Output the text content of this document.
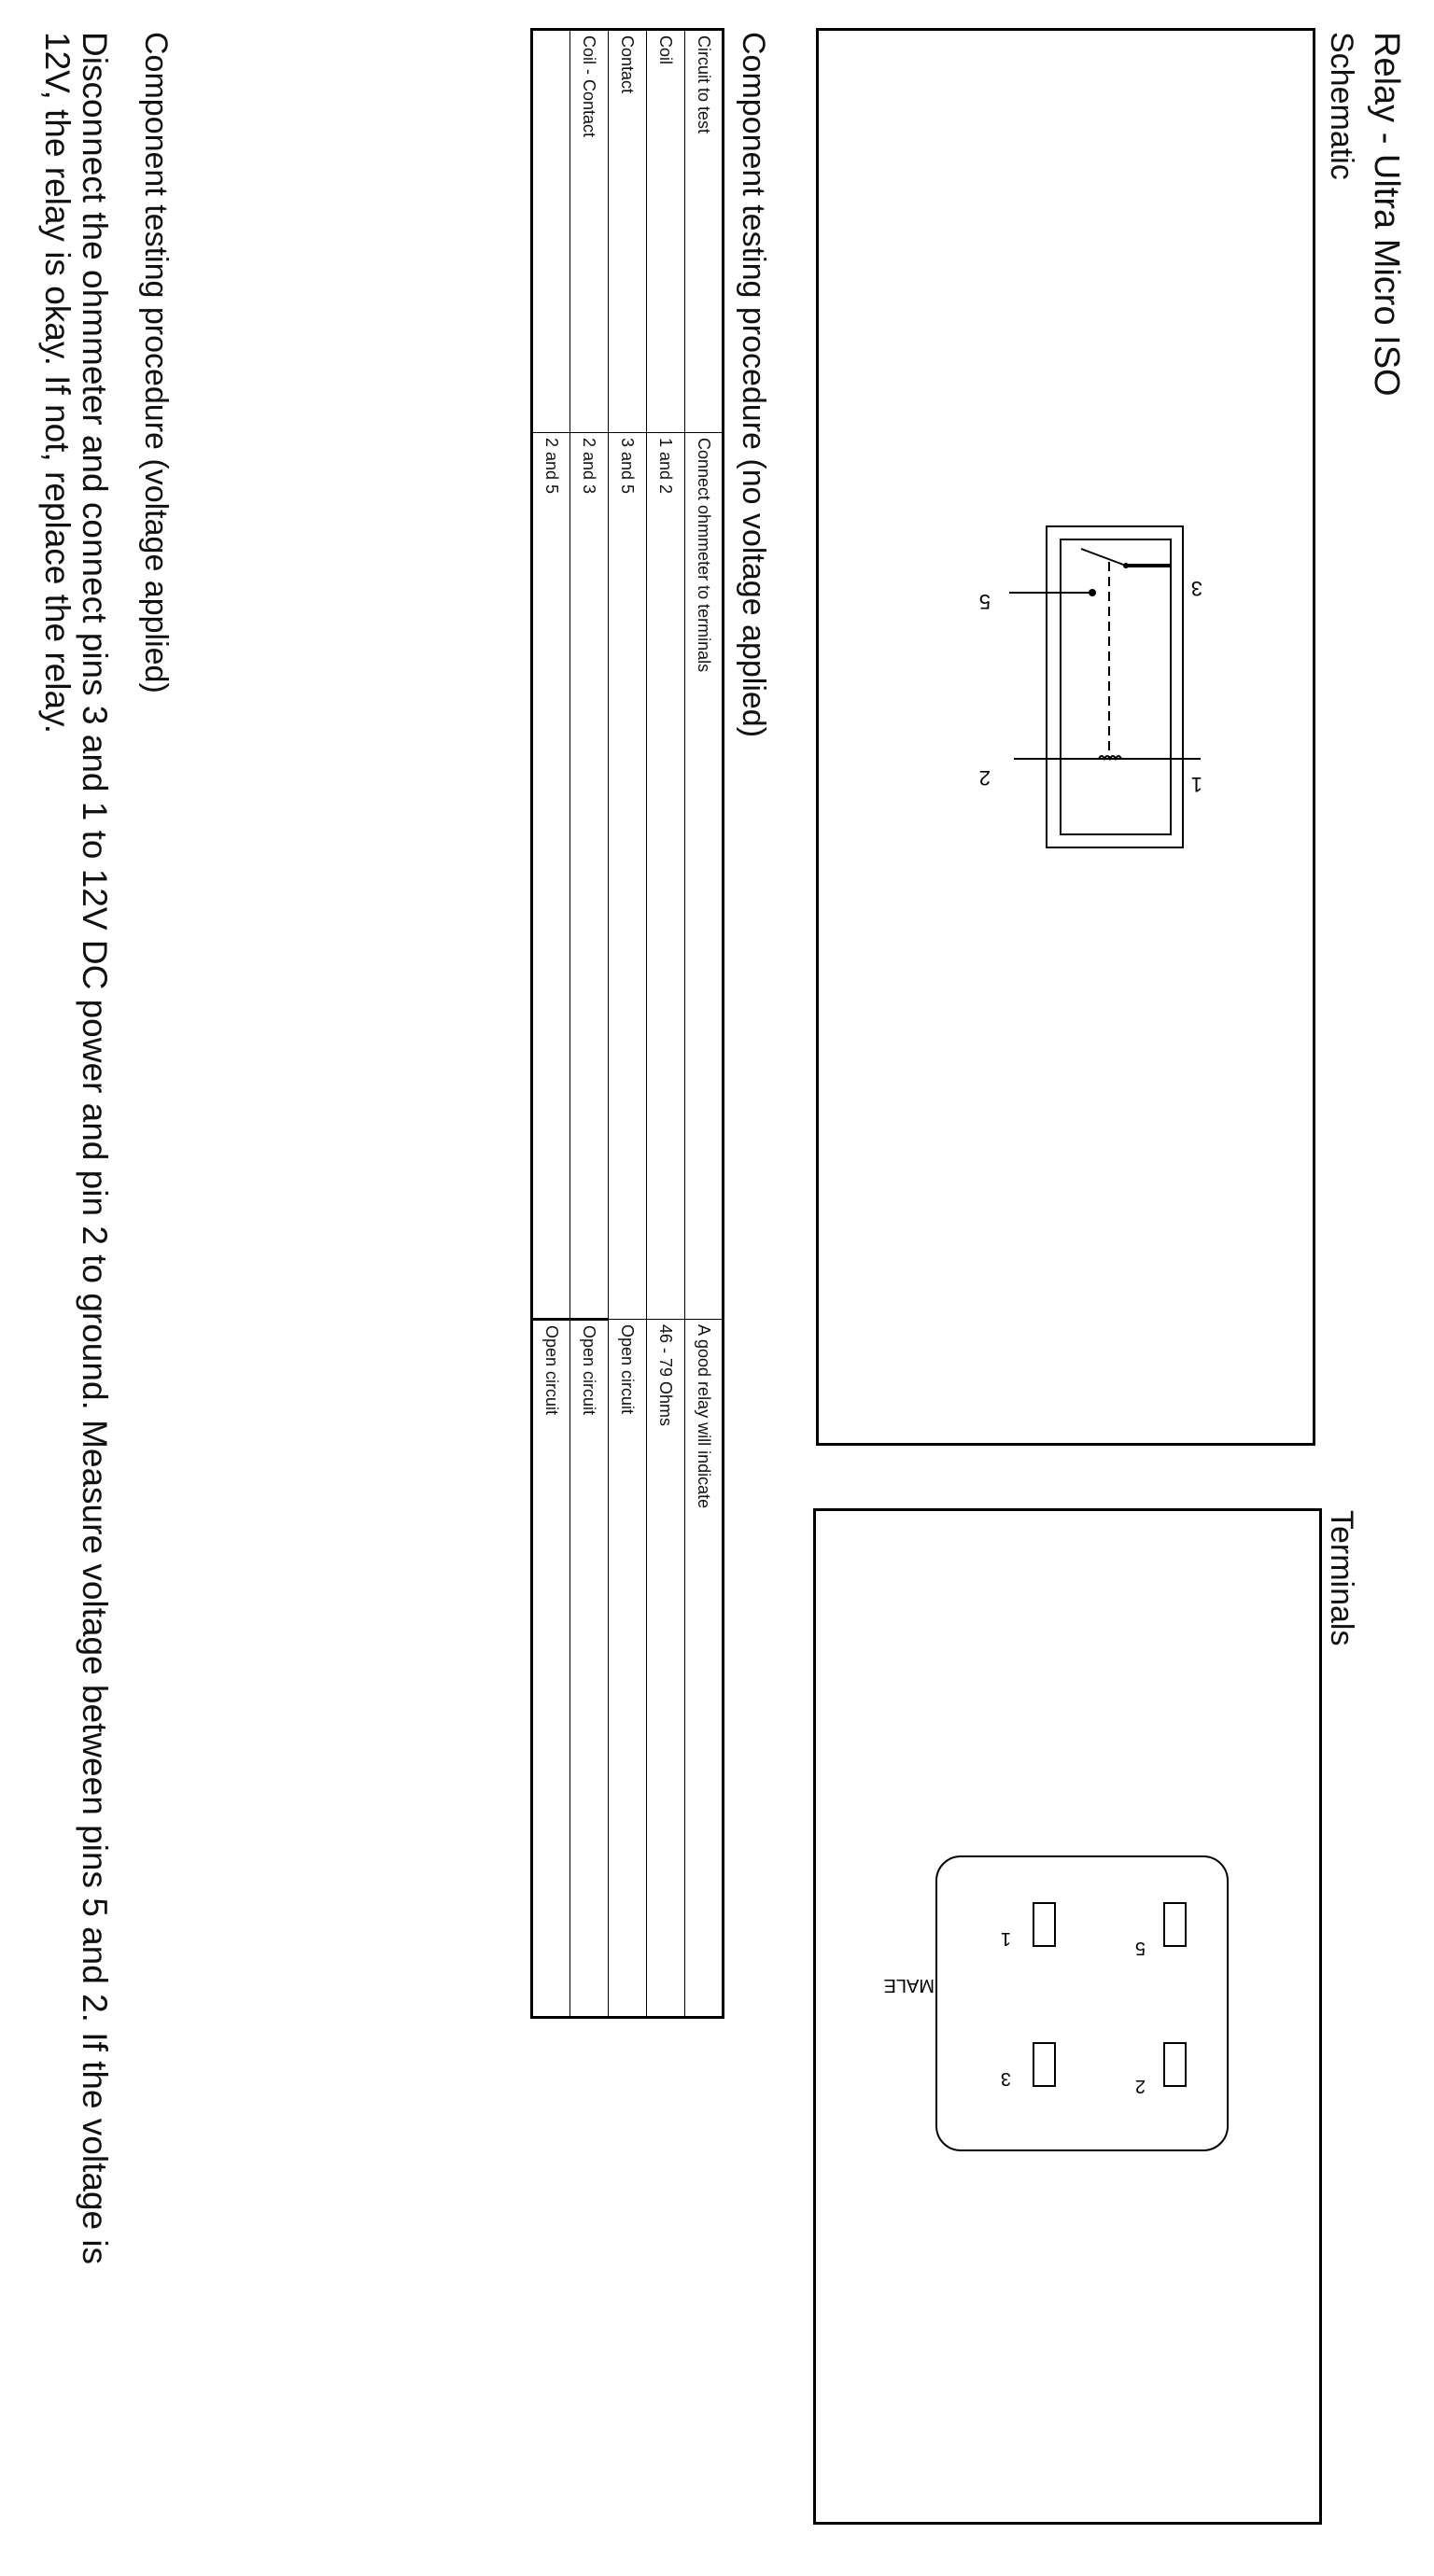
Relay - Ultra Micro ISO
Schematic
Terminals
3
1
5
2
5
2
1
3
MALE
Component testing procedure (no voltage applied)
Circuit to test	Connect ohmmeter to terminals	A good relay will indicate
Coil	1 and 2	46 - 79 Ohms
Contact	3 and 5	Open circuit
Coil - Contact	2 and 3	Open circuit
	2 and 5	Open circuit
Component testing procedure (voltage applied)
Disconnect the ohmmeter and connect pins 3 and 1 to 12V DC power and pin 2 to ground. Measure voltage between pins 5 and 2. If the voltage is 12V, the relay is okay. If not, replace the relay.
